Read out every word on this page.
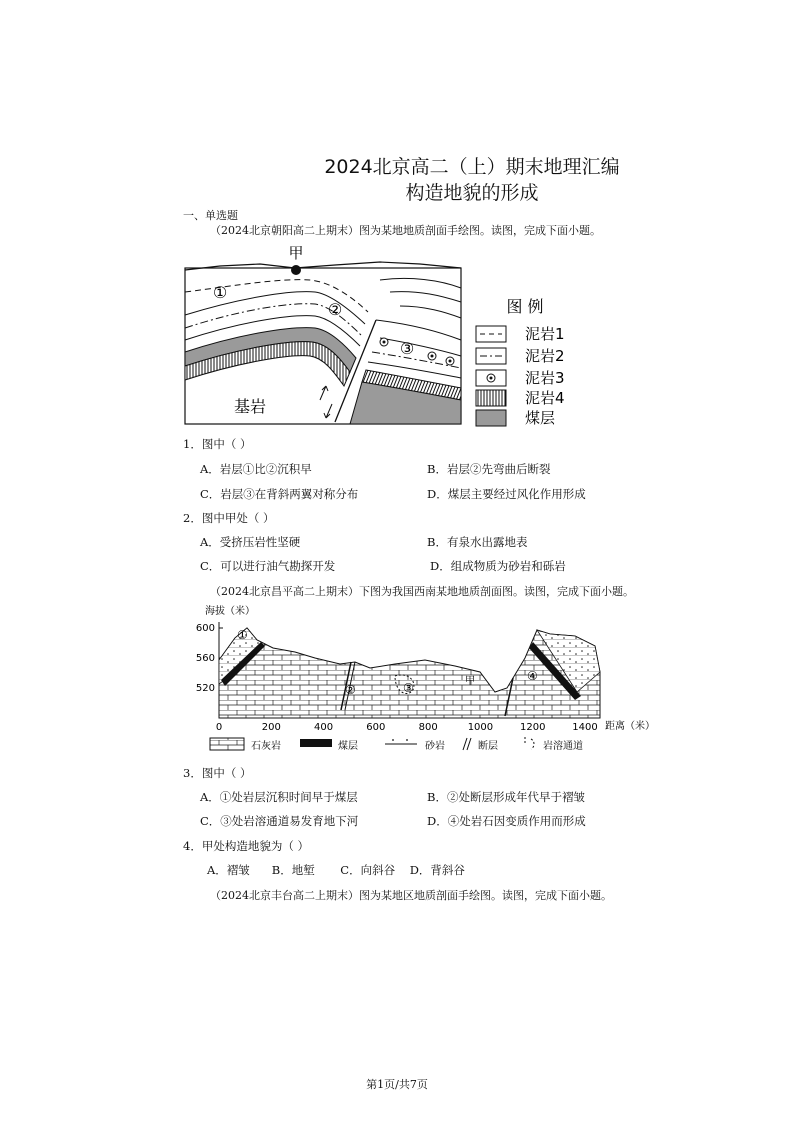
2024北京高二（上）期末地理汇编
构造地貌的形成
一、单选题
（2024北京朝阳高二上期末）图为某地地质剖面手绘图。读图，完成下面小题。
甲
①
②
③
基岩
图 例
泥岩1
泥岩2
泥岩3
泥岩4
煤层
1．图中（ ）
A．岩层①比②沉积早	B．岩层②先弯曲后断裂
C．岩层③在背斜两翼对称分布	D．煤层主要经过风化作用形成
2．图中甲处（ ）
A．受挤压岩性坚硬	B．有泉水出露地表
C．可以进行油气勘探开发	D．组成物质为砂岩和砾岩
（2024北京昌平高二上期末）下图为我国西南某地地质剖面图。读图，完成下面小题。
海拔（米）
600
560
520
0	200	400	600	800	1000	1200	1400 距离（米）
①
②	③	甲	④
石灰岩	煤层	砂岩	断层	岩溶通道
3．图中（ ）
A．①处岩层沉积时间早于煤层	B．②处断层形成年代早于褶皱
C．③处岩溶通道易发育地下河	D．④处岩石因变质作用而形成
4．甲处构造地貌为（ ）
A．褶皱      B．地堑       C．向斜谷    D．背斜谷
（2024北京丰台高二上期末）图为某地区地质剖面手绘图。读图，完成下面小题。
第1页/共7页
